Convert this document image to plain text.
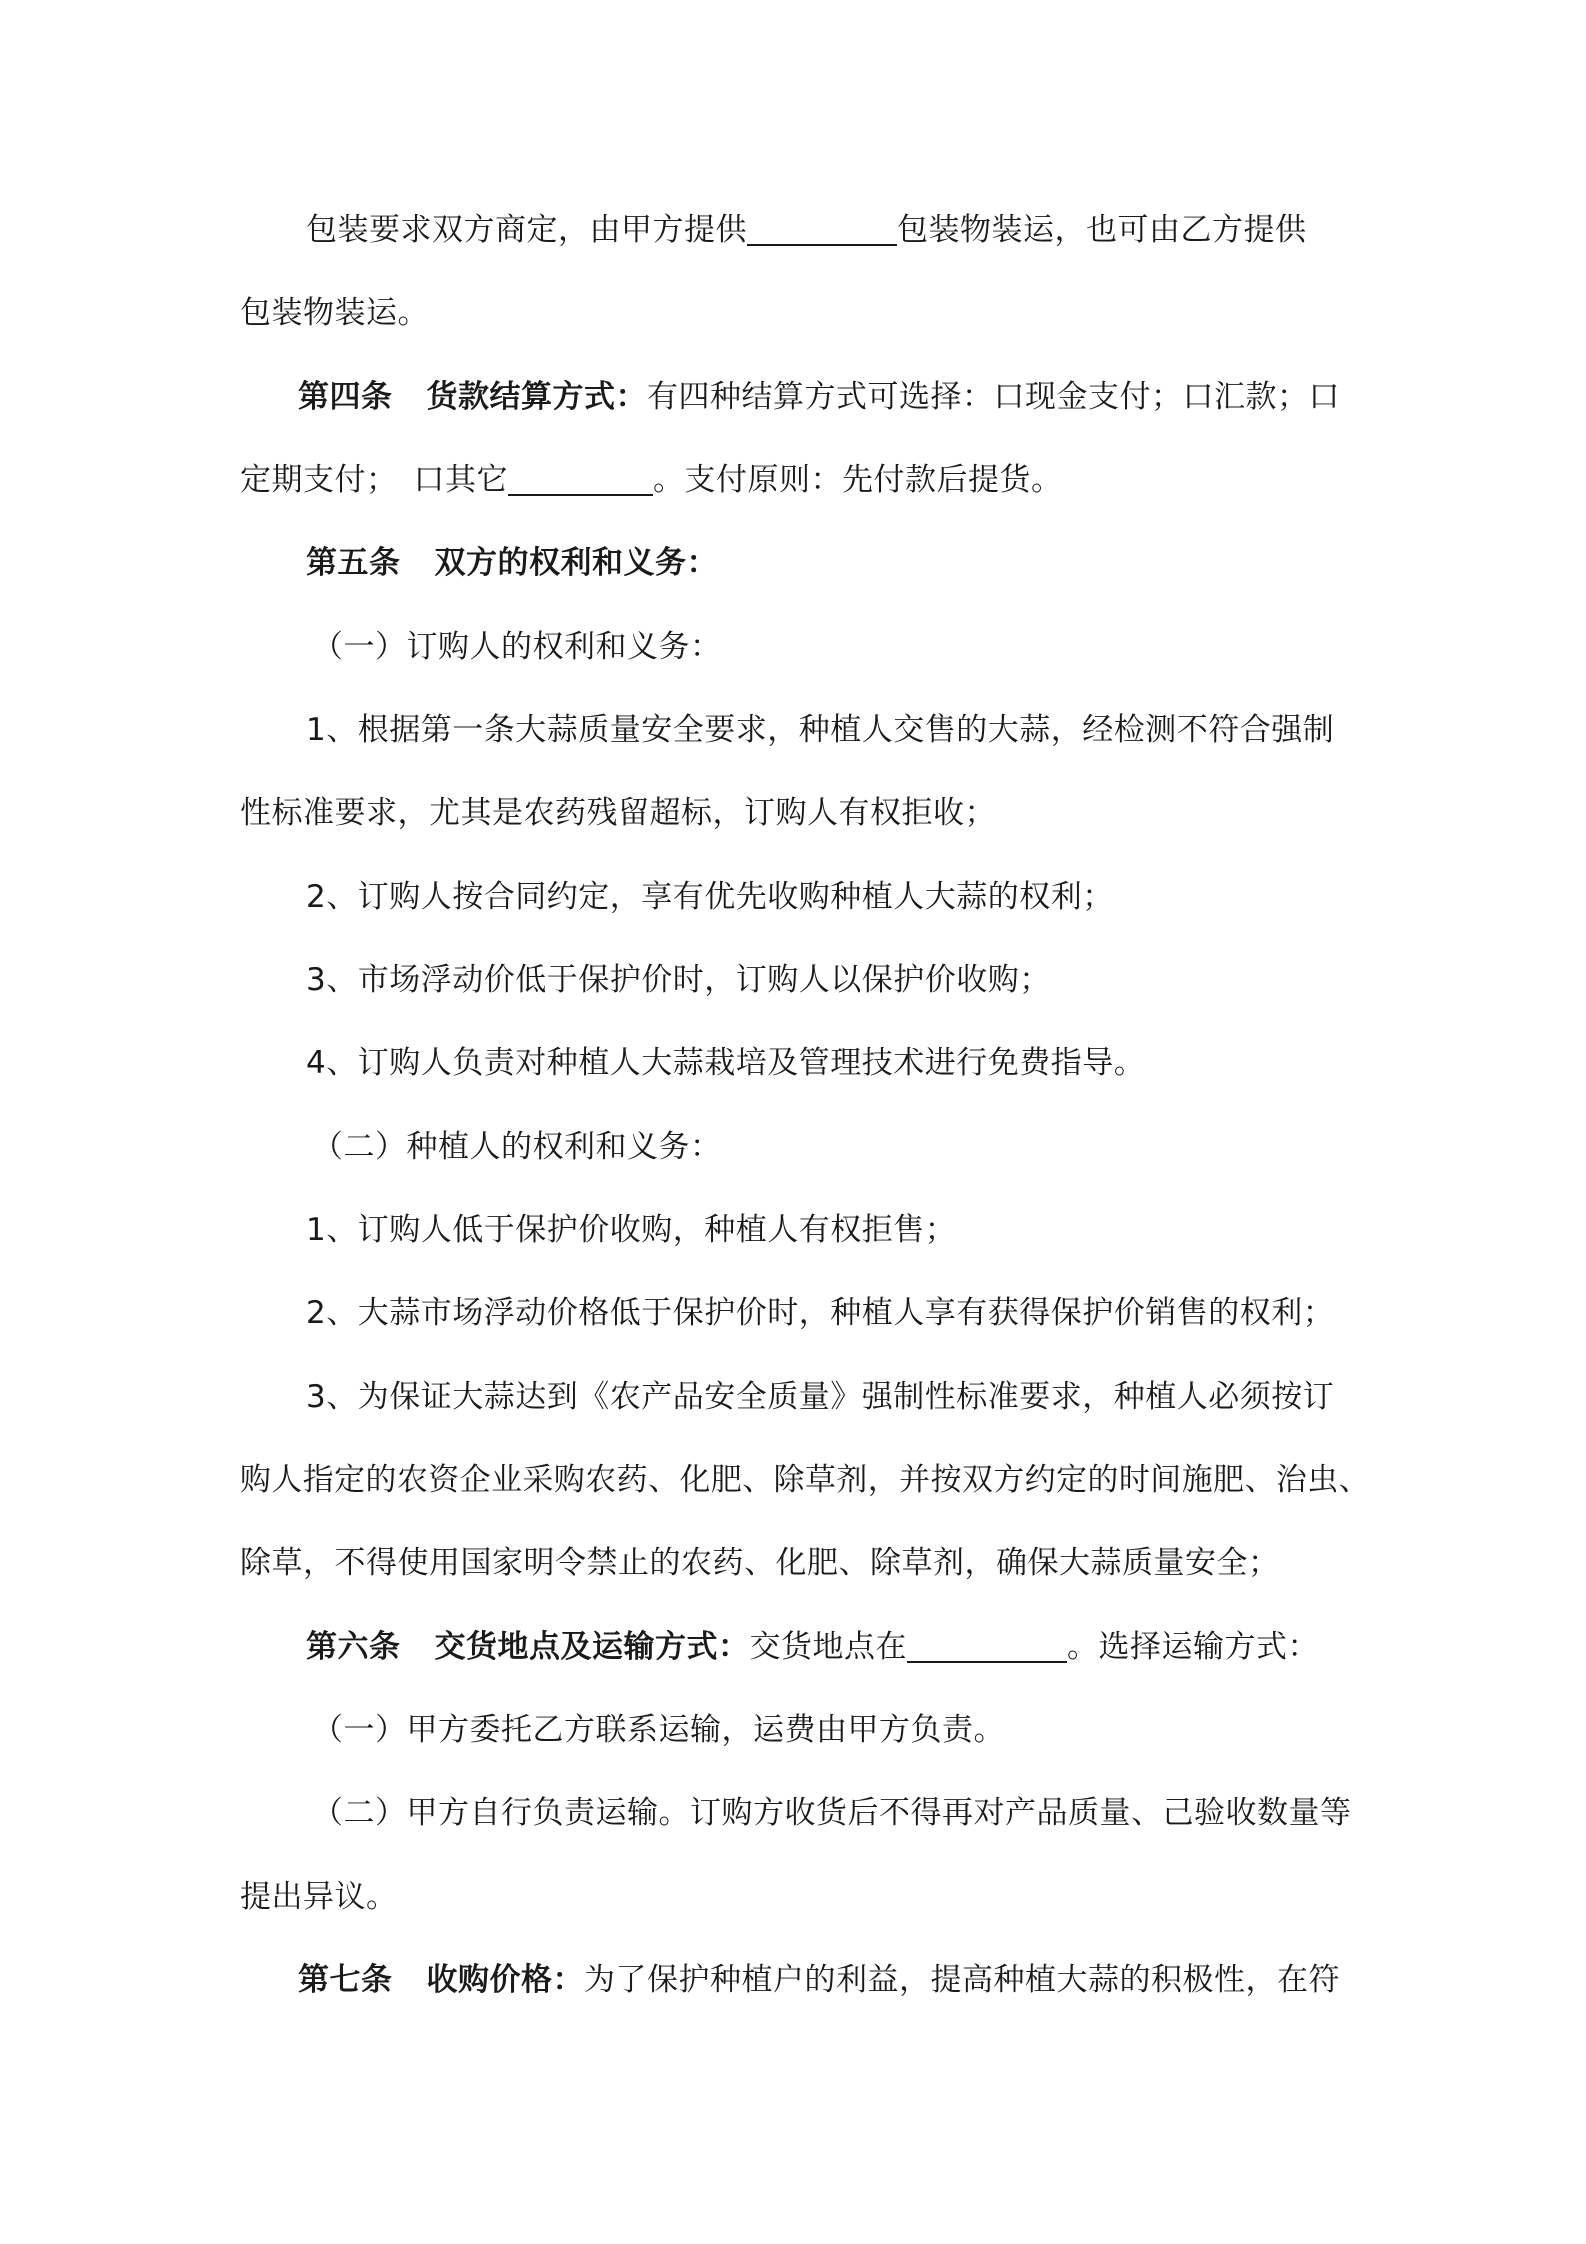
包装要求双方商定，由甲方提供	包装物装运，也可由乙方提供
包装物装运。
第四条 货款结算方式：有四种结算方式可选择：口现金支付；口汇款；口
定期支付；　口其它	。支付原则：先付款后提货。
第五条 双方的权利和义务：
（一）订购人的权利和义务：
1、根据第一条大蒜质量安全要求，种植人交售的大蒜，经检测不符合强制
性标准要求，尤其是农药残留超标，订购人有权拒收；
2、订购人按合同约定，享有优先收购种植人大蒜的权利；
3、市场浮动价低于保护价时，订购人以保护价收购；
4、订购人负责对种植人大蒜栽培及管理技术进行免费指导。
（二）种植人的权利和义务：
1、订购人低于保护价收购，种植人有权拒售；
2、大蒜市场浮动价格低于保护价时，种植人享有获得保护价销售的权利；
3、为保证大蒜达到《农产品安全质量》强制性标准要求，种植人必须按订
购人指定的农资企业采购农药、化肥、除草剂，并按双方约定的时间施肥、治虫、
除草，不得使用国家明令禁止的农药、化肥、除草剂，确保大蒜质量安全；
第六条 交货地点及运输方式：交货地点在	。选择运输方式：
（一）甲方委托乙方联系运输，运费由甲方负责。
（二）甲方自行负责运输。订购方收货后不得再对产品质量、己验收数量等
提出异议。
第七条 收购价格：为了保护种植户的利益，提高种植大蒜的积极性，在符
